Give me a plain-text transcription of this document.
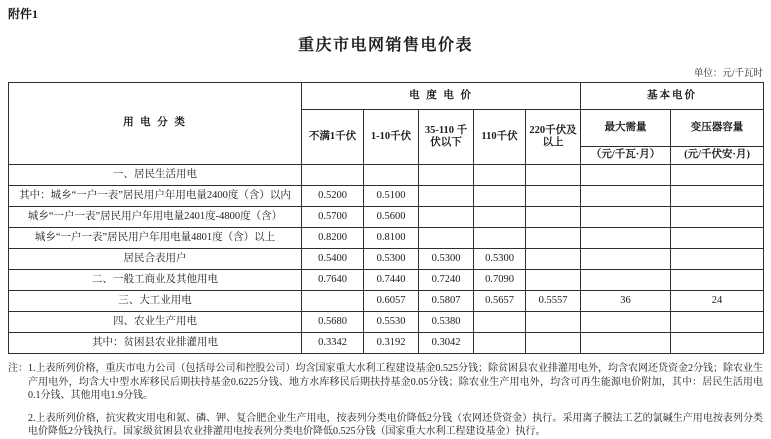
附件1
重庆市电网销售电价表
单位：元/千瓦时
用 电 分 类	电 度 电 价					基本电价	
	不满1千伏	1-10千伏	35-110 千伏以下	110千伏	220千伏及以上	最大需量	变压器容量
						（元/千瓦·月）	(元/千伏安·月)
一、居民生活用电							
其中：城乡“一户一表”居民用户年用电量2400度（含）以内	0.5200	0.5100					
城乡“一户一表”居民用户年用电量2401度-4800度（含）	0.5700	0.5600					
城乡“一户一表”居民用户年用电量4801度（含）以上	0.8200	0.8100					
居民合表用户	0.5400	0.5300	0.5300	0.5300			
二、一般工商业及其他用电	0.7640	0.7440	0.7240	0.7090			
三、大工业用电		0.6057	0.5807	0.5657	0.5557	36	24
四、农业生产用电	0.5680	0.5530	0.5380				
其中：贫困县农业排灌用电	0.3342	0.3192	0.3042				
注： 1.上表所列价格，重庆市电力公司（包括母公司和控股公司）均含国家重大水利工程建设基金0.525分钱；除贫困县农业排灌用电外，均含农网还贷资金2分钱；除农业生产用电外，均含大中型水库移民后期扶持基金0.6225分钱、地方水库移民后期扶持基金0.05分钱；除农业生产用电外，均含可再生能源电价附加，其中：居民生活用电0.1分钱、其他用电1.9分钱。
2.上表所列价格，抗灾救灾用电和氮、磷、钾、复合肥企业生产用电，按表列分类电价降低2分钱（农网还贷资金）执行。采用离子膜法工艺的氯碱生产用电按表列分类电价降低2分钱执行。国家级贫困县农业排灌用电按表列分类电价降低0.525分钱（国家重大水利工程建设基金）执行。
